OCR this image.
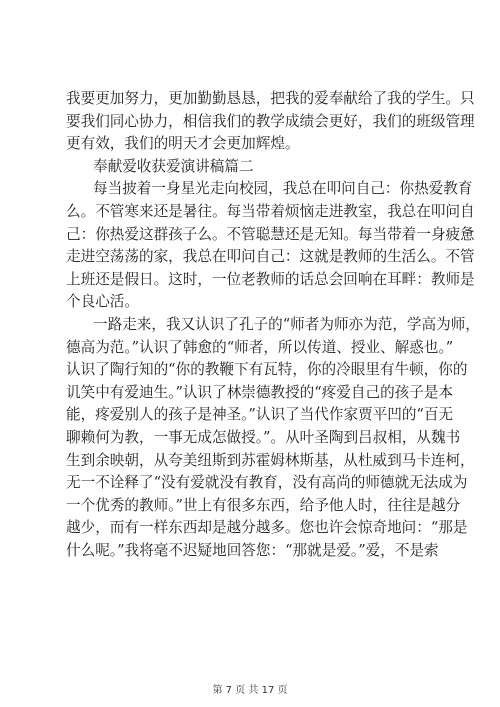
我要更加努力，更加勤勤恳恳，把我的爱奉献给了我的学生。只
要我们同心协力，相信我们的教学成绩会更好，我们的班级管理
更有效，我们的明天才会更加辉煌。
奉献爱收获爱演讲稿篇二
每当披着一身星光走向校园，我总在叩问自己：你热爱教育
么。不管寒来还是暑往。每当带着烦恼走进教室，我总在叩问自
己：你热爱这群孩子么。不管聪慧还是无知。每当带着一身疲惫
走进空荡荡的家，我总在叩问自己：这就是教师的生活么。不管
上班还是假日。这时，一位老教师的话总会回响在耳畔：教师是
个良心活。
一路走来，我又认识了孔子的“师者为师亦为范，学高为师，
德高为范。”认识了韩愈的“师者，所以传道、授业、解惑也。”
认识了陶行知的“你的教鞭下有瓦特，你的冷眼里有牛顿，你的
讥笑中有爱迪生。”认识了林崇德教授的“疼爱自己的孩子是本
能，疼爱别人的孩子是神圣。”认识了当代作家贾平凹的“百无
聊赖何为教，一事无成怎做授。”。从叶圣陶到吕叔相，从魏书
生到余映朝，从夸美纽斯到苏霍姆林斯基，从杜威到马卡连柯，
无一不诠释了“没有爱就没有教育，没有高尚的师德就无法成为
一个优秀的教师。”世上有很多东西，给予他人时，往往是越分
越少，而有一样东西却是越分越多。您也许会惊奇地问：“那是
什么呢。”我将毫不迟疑地回答您：“那就是爱。”爱，不是索
第 7 页 共 17 页
